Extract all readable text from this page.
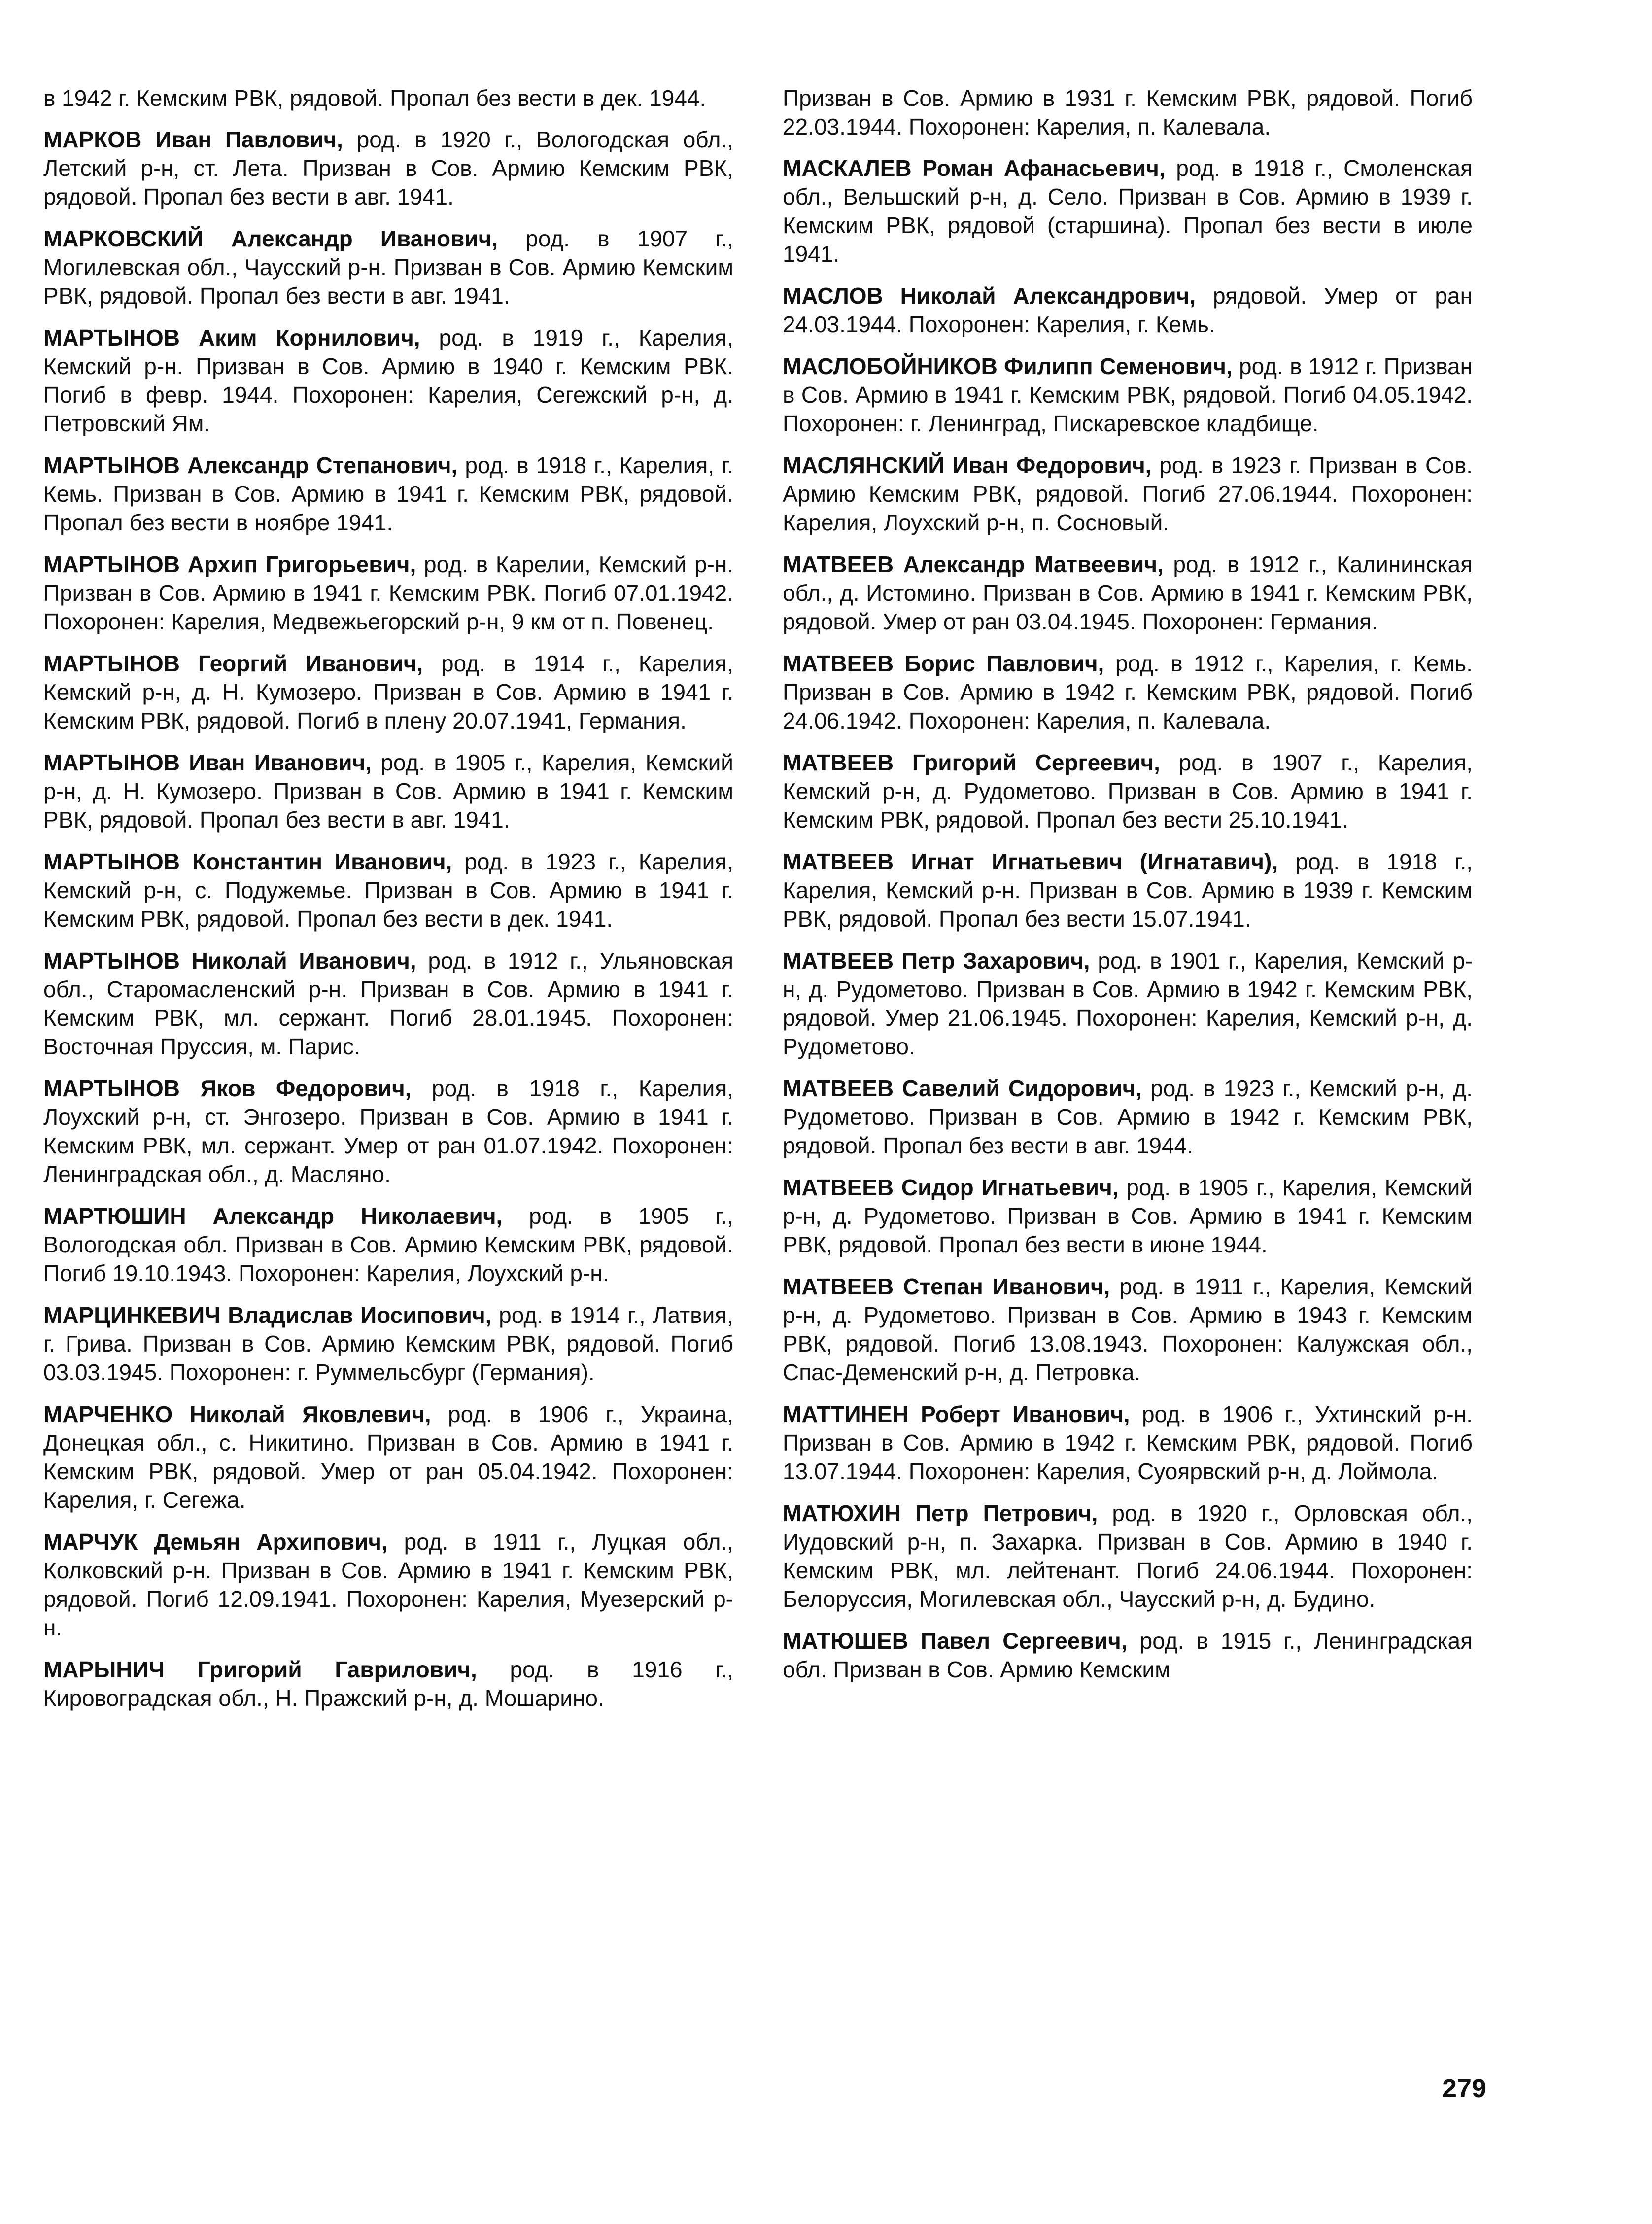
в 1942 г. Кемским РВК, рядовой. Пропал без вести в дек. 1944.

МАРКОВ Иван Павлович, род. в 1920 г., Вологодская обл., Летский р-н, ст. Лета. Призван в Сов. Армию Кемским РВК, рядовой. Пропал без вести в авг. 1941.

МАРКОВСКИЙ Александр Иванович, род. в 1907 г., Могилевская обл., Чаусский р-н. Призван в Сов. Армию Кемским РВК, рядовой. Пропал без вести в авг. 1941.

МАРТЫНОВ Аким Корнилович, род. в 1919 г., Карелия, Кемский р-н. Призван в Сов. Армию в 1940 г. Кемским РВК. Погиб в февр. 1944. Похоронен: Карелия, Сегежский р-н, д. Петровский Ям.

МАРТЫНОВ Александр Степанович, род. в 1918 г., Карелия, г. Кемь. Призван в Сов. Армию в 1941 г. Кемским РВК, рядовой. Пропал без вести в ноябре 1941.

МАРТЫНОВ Архип Григорьевич, род. в Карелии, Кемский р-н. Призван в Сов. Армию в 1941 г. Кемским РВК. Погиб 07.01.1942. Похоронен: Карелия, Медвежьегорский р-н, 9 км от п. Повенец.

МАРТЫНОВ Георгий Иванович, род. в 1914 г., Карелия, Кемский р-н, д. Н. Кумозеро. Призван в Сов. Армию в 1941 г. Кемским РВК, рядовой. Погиб в плену 20.07.1941, Германия.

МАРТЫНОВ Иван Иванович, род. в 1905 г., Карелия, Кемский р-н, д. Н. Кумозеро. Призван в Сов. Армию в 1941 г. Кемским РВК, рядовой. Пропал без вести в авг. 1941.

МАРТЫНОВ Константин Иванович, род. в 1923 г., Карелия, Кемский р-н, с. Подужемье. Призван в Сов. Армию в 1941 г. Кемским РВК, рядовой. Пропал без вести в дек. 1941.

МАРТЫНОВ Николай Иванович, род. в 1912 г., Ульяновская обл., Старомасленский р-н. Призван в Сов. Армию в 1941 г. Кемским РВК, мл. сержант. Погиб 28.01.1945. Похоронен: Восточная Пруссия, м. Парис.

МАРТЫНОВ Яков Федорович, род. в 1918 г., Карелия, Лоухский р-н, ст. Энгозеро. Призван в Сов. Армию в 1941 г. Кемским РВК, мл. сержант. Умер от ран 01.07.1942. Похоронен: Ленинградская обл., д. Масляно.

МАРТЮШИН Александр Николаевич, род. в 1905 г., Вологодская обл. Призван в Сов. Армию Кемским РВК, рядовой. Погиб 19.10.1943. Похоронен: Карелия, Лоухский р-н.

МАРЦИНКЕВИЧ Владислав Иосипович, род. в 1914 г., Латвия, г. Грива. Призван в Сов. Армию Кемским РВК, рядовой. Погиб 03.03.1945. Похоронен: г. Руммельсбург (Германия).

МАРЧЕНКО Николай Яковлевич, род. в 1906 г., Украина, Донецкая обл., с. Никитино. Призван в Сов. Армию в 1941 г. Кемским РВК, рядовой. Умер от ран 05.04.1942. Похоронен: Карелия, г. Сегежа.

МАРЧУК Демьян Архипович, род. в 1911 г., Луцкая обл., Колковский р-н. Призван в Сов. Армию в 1941 г. Кемским РВК, рядовой. Погиб 12.09.1941. Похоронен: Карелия, Муезерский р-н.

МАРЫНИЧ Григорий Гаврилович, род. в 1916 г., Кировоградская обл., Н. Пражский р-н, д. Мошарино.

Призван в Сов. Армию в 1931 г. Кемским РВК, рядовой. Погиб 22.03.1944. Похоронен: Карелия, п. Калевала.

МАСКАЛЕВ Роман Афанасьевич, род. в 1918 г., Смоленская обл., Вельшский р-н, д. Село. Призван в Сов. Армию в 1939 г. Кемским РВК, рядовой (старшина). Пропал без вести в июле 1941.

МАСЛОВ Николай Александрович, рядовой. Умер от ран 24.03.1944. Похоронен: Карелия, г. Кемь.

МАСЛОБОЙНИКОВ Филипп Семенович, род. в 1912 г. Призван в Сов. Армию в 1941 г. Кемским РВК, рядовой. Погиб 04.05.1942. Похоронен: г. Ленинград, Пискаревское кладбище.

МАСЛЯНСКИЙ Иван Федорович, род. в 1923 г. Призван в Сов. Армию Кемским РВК, рядовой. Погиб 27.06.1944. Похоронен: Карелия, Лоухский р-н, п. Сосновый.

МАТВЕЕВ Александр Матвеевич, род. в 1912 г., Калининская обл., д. Истомино. Призван в Сов. Армию в 1941 г. Кемским РВК, рядовой. Умер от ран 03.04.1945. Похоронен: Германия.

МАТВЕЕВ Борис Павлович, род. в 1912 г., Карелия, г. Кемь. Призван в Сов. Армию в 1942 г. Кемским РВК, рядовой. Погиб 24.06.1942. Похоронен: Карелия, п. Калевала.

МАТВЕЕВ Григорий Сергеевич, род. в 1907 г., Карелия, Кемский р-н, д. Рудометово. Призван в Сов. Армию в 1941 г. Кемским РВК, рядовой. Пропал без вести 25.10.1941.

МАТВЕЕВ Игнат Игнатьевич (Игнатавич), род. в 1918 г., Карелия, Кемский р-н. Призван в Сов. Армию в 1939 г. Кемским РВК, рядовой. Пропал без вести 15.07.1941.

МАТВЕЕВ Петр Захарович, род. в 1901 г., Карелия, Кемский р-н, д. Рудометово. Призван в Сов. Армию в 1942 г. Кемским РВК, рядовой. Умер 21.06.1945. Похоронен: Карелия, Кемский р-н, д. Рудометово.

МАТВЕЕВ Савелий Сидорович, род. в 1923 г., Кемский р-н, д. Рудометово. Призван в Сов. Армию в 1942 г. Кемским РВК, рядовой. Пропал без вести в авг. 1944.

МАТВЕЕВ Сидор Игнатьевич, род. в 1905 г., Карелия, Кемский р-н, д. Рудометово. Призван в Сов. Армию в 1941 г. Кемским РВК, рядовой. Пропал без вести в июне 1944.

МАТВЕЕВ Степан Иванович, род. в 1911 г., Карелия, Кемский р-н, д. Рудометово. Призван в Сов. Армию в 1943 г. Кемским РВК, рядовой. Погиб 13.08.1943. Похоронен: Калужская обл., Спас-Деменский р-н, д. Петровка.

МАТТИНЕН Роберт Иванович, род. в 1906 г., Ухтинский р-н. Призван в Сов. Армию в 1942 г. Кемским РВК, рядовой. Погиб 13.07.1944. Похоронен: Карелия, Суоярвский р-н, д. Лоймола.

МАТЮХИН Петр Петрович, род. в 1920 г., Орловская обл., Иудовский р-н, п. Захарка. Призван в Сов. Армию в 1940 г. Кемским РВК, мл. лейтенант. Погиб 24.06.1944. Похоронен: Белоруссия, Могилевская обл., Чаусский р-н, д. Будино.

МАТЮШЕВ Павел Сергеевич, род. в 1915 г., Ленинградская обл. Призван в Сов. Армию Кемским

279
